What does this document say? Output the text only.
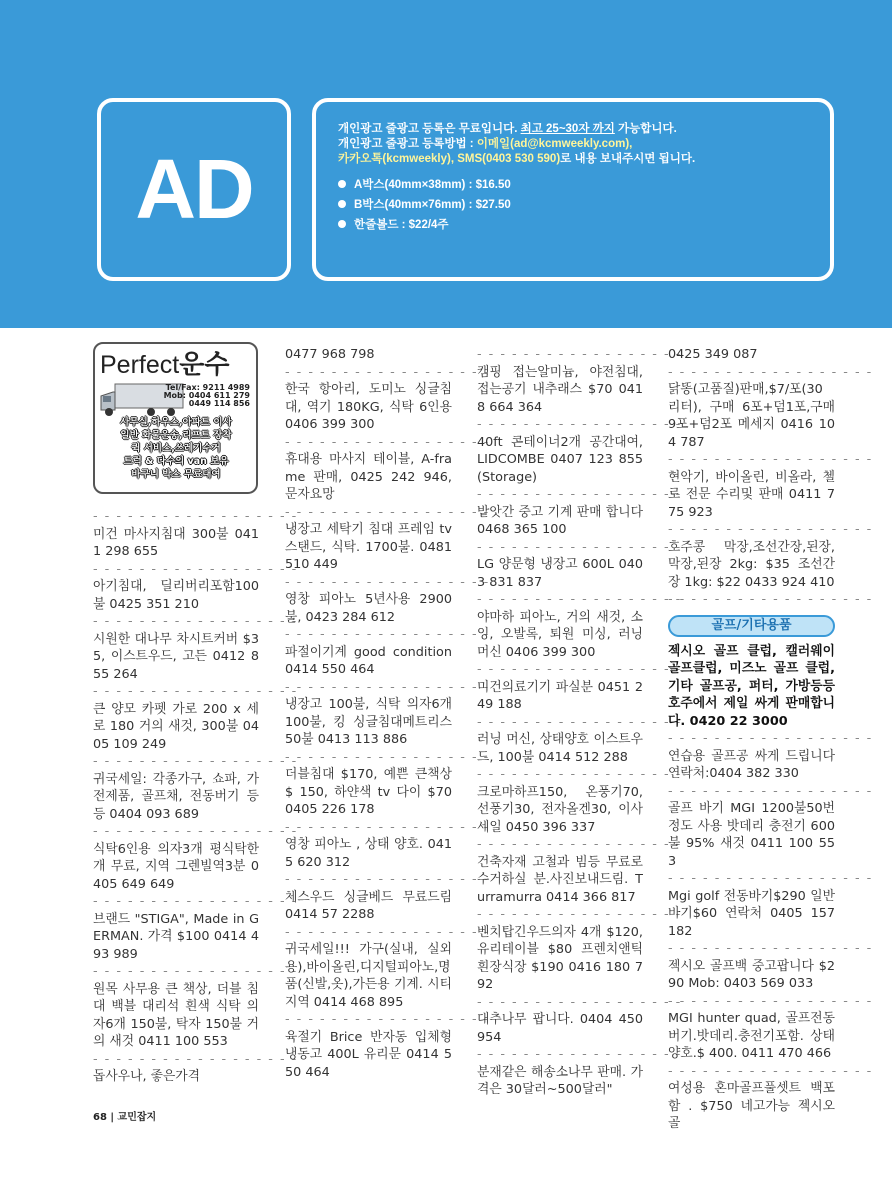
AD
개인광고 줄광고 등록은 무료입니다. 최고 25~30자 까지 가능합니다.
개인광고 줄광고 등록방법 : 이메일(ad@kcmweekly.com),
카카오톡(kcmweekly), SMS(0403 530 590)로 내용 보내주시면 됩니다.
A박스(40mm×38mm) : $16.50
B박스(40mm×76mm) : $27.50
한줄볼드 : $22/4주
Perfect운수
Tel/Fax: 9211 4989
Mob: 0404 611 279
0449 114 856
사무실,하우스,아파트 이사
일반 화물운송,리프트 장착
퀵 서비스,쓰레기수거
트럭 & 다수의 van 보유
바구니 박스 무료대여
- - - - - - - - - - - - - - - - - -
미건 마사지침대 300불 0411 298 655
- - - - - - - - - - - - - - - - - -
아기침대, 딜리버리포함100불 0425 351 210
- - - - - - - - - - - - - - - - - -
시원한 대나무 차시트커버 $35, 이스트우드, 고든 0412 855 264
- - - - - - - - - - - - - - - - - -
큰 양모 카펫 가로 200 x 세로 180 거의 새것, 300불 0405 109 249
- - - - - - - - - - - - - - - - - -
귀국세일: 각종가구, 쇼파, 가전제품, 골프채, 전동버기 등등 0404 093 689
- - - - - - - - - - - - - - - - - -
식탁6인용 의자3개 평식탁한개 무료, 지역 그렌빌역3분 0405 649 649
- - - - - - - - - - - - - - - - - -
브랜드 "STIGA", Made in GERMAN. 가격 $100 0414 493 989
- - - - - - - - - - - - - - - - - -
원목 사무용 큰 책상, 더블 침대 백블 대리석 흰색 식탁 의자6개 150불, 탁자 150불 거의 새것 0411 100 553
- - - - - - - - - - - - - - - - - -
돕사우나, 좋은가격
0477 968 798
- - - - - - - - - - - - - - - - - -
한국 항아리, 도미노 싱글침대, 역기 180KG, 식탁 6인용 0406 399 300
- - - - - - - - - - - - - - - - - -
휴대용 마사지 테이블, A-frame 판매, 0425 242 946, 문자요망
- - - - - - - - - - - - - - - - - -
냉장고 세탁기 침대 프레임 tv 스탠드, 식탁. 1700불. 0481 510 449
- - - - - - - - - - - - - - - - - -
영창 피아노 5년사용 2900불, 0423 284 612
- - - - - - - - - - - - - - - - - -
파절이기계 good condition 0414 550 464
- - - - - - - - - - - - - - - - - -
냉장고 100불, 식탁 의자6개 100불, 킹 싱글침대메트리스 50불 0413 113 886
- - - - - - - - - - - - - - - - - -
더블침대 $170, 예쁜 큰책상 $ 150, 하얀색 tv 다이 $70 0405 226 178
- - - - - - - - - - - - - - - - - -
영창 피아노 , 상태 양호. 0415 620 312
- - - - - - - - - - - - - - - - - -
체스우드 싱글베드 무료드림 0414 57 2288
- - - - - - - - - - - - - - - - - -
귀국세일!!! 가구(실내, 실외용),바이올린,디지털피아노,명품(신발,옷),가든용 기계. 시티지역 0414 468 895
- - - - - - - - - - - - - - - - - -
육절기 Brice 반자동 입체형 냉동고 400L 유리문 0414 550 464
- - - - - - - - - - - - - - - - - -
캠핑 접는알미늄, 야전침대, 접는공기 내추래스 $70 0418 664 364
- - - - - - - - - - - - - - - - - -
40ft 콘테이너2개 공간대여, LIDCOMBE 0407 123 855 (Storage)
- - - - - - - - - - - - - - - - - -
밭앗간 중고 기계 판매 합니다 0468 365 100
- - - - - - - - - - - - - - - - - -
LG 양문형 냉장고 600L 0403 831 837
- - - - - - - - - - - - - - - - - -
야마하 피아노, 거의 새것, 소잉, 오발록, 퇴원 미싱, 러닝 머신 0406 399 300
- - - - - - - - - - - - - - - - - -
미건의료기기 파실분 0451 249 188
- - - - - - - - - - - - - - - - - -
러닝 머신, 상태양호 이스트우드, 100불 0414 512 288
- - - - - - - - - - - - - - - - - -
크로마하프150, 온풍기70, 선풍기30, 전자올겐30, 이사세일 0450 396 337
- - - - - - - - - - - - - - - - - -
건축자재 고철과 빔등 무료로 수거하실 분.사진보내드림. Turramurra 0414 366 817
- - - - - - - - - - - - - - - - - -
벤치탑긴우드의자 4개 $120, 유리테이블 $80 프렌치앤틱 흰장식장 $190 0416 180 792
- - - - - - - - - - - - - - - - - -
대추나무 팝니다. 0404 450 954
- - - - - - - - - - - - - - - - - -
분재같은 해송소나무 판매. 가격은 30달러~500달러"
0425 349 087
- - - - - - - - - - - - - - - - - -
닭똥(고품질)판매,$7/포(30리터), 구매 6포+덤1포,구매9포+덤2포 메세지 0416 104 787
- - - - - - - - - - - - - - - - - -
현악기, 바이올린, 비올라, 첼로 전문 수리및 판매 0411 775 923
- - - - - - - - - - - - - - - - - -
호주콩 막장,조선간장,된장, 막장,된장 2kg: $35 조선간장 1kg: $22 0433 924 410
- - - - - - - - - - - - - - - - - -
골프/기타용품
젝시오 골프 클럽, 캘러웨이 골프클럽, 미즈노 골프 클럽, 기타 골프공, 퍼터, 가방등등 호주에서 제일 싸게 판매합니다. 0420 22 3000
- - - - - - - - - - - - - - - - - -
연습용 골프공 싸게 드립니다 연락처:0404 382 330
- - - - - - - - - - - - - - - - - -
골프 바기 MGI 1200불50번정도 사용 밧데리 충전기 600불 95% 새것 0411 100 553
- - - - - - - - - - - - - - - - - -
Mgi golf 전동바기$290 일반바기$60 연락처 0405 157 182
- - - - - - - - - - - - - - - - - -
젝시오 골프백 중고팝니다 $290 Mob: 0403 569 033
- - - - - - - - - - - - - - - - - -
MGI hunter quad, 골프전동버기.밧데리.충전기포함. 상태양호.$ 400. 0411 470 466
- - - - - - - - - - - - - - - - - -
여성용 혼마골프풀셋트 백포함 . $750 네고가능 젝시오 골
68 | 교민잡지
